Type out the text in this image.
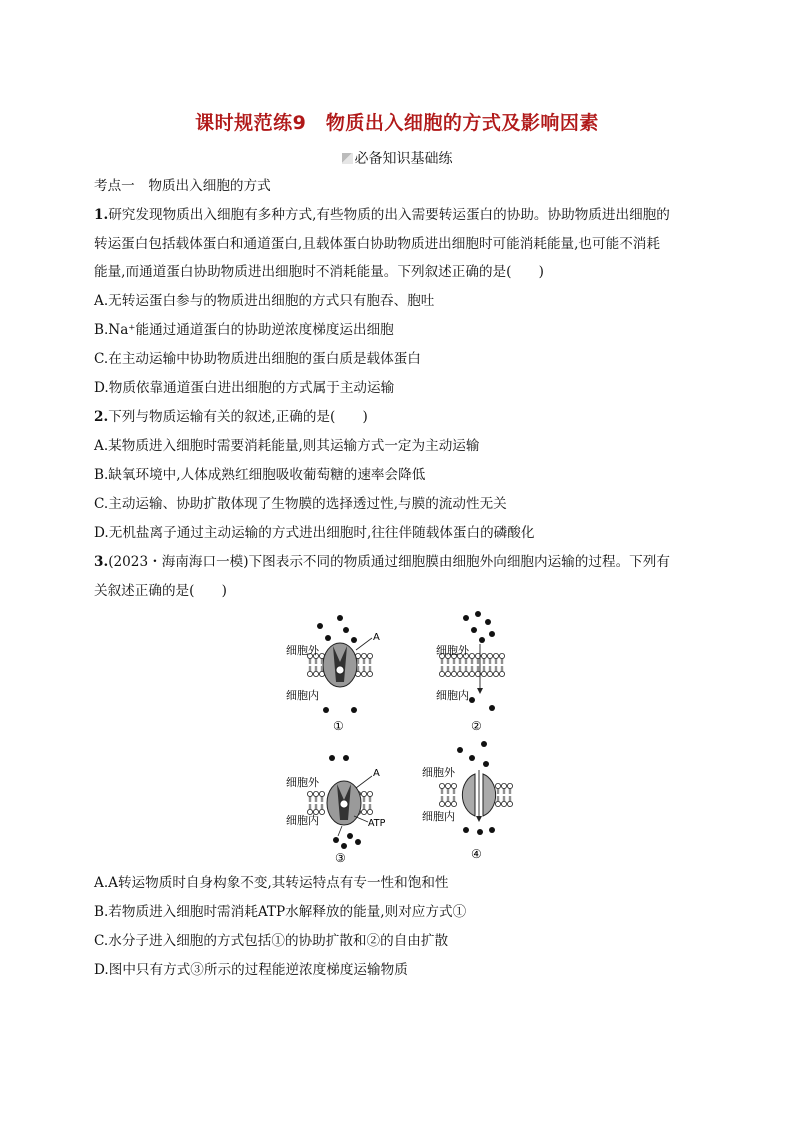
课时规范练9　物质出入细胞的方式及影响因素
必备知识基础练
考点一　物质出入细胞的方式
1.研究发现物质出入细胞有多种方式,有些物质的出入需要转运蛋白的协助。协助物质进出细胞的
转运蛋白包括载体蛋白和通道蛋白,且载体蛋白协助物质进出细胞时可能消耗能量,也可能不消耗
能量,而通道蛋白协助物质进出细胞时不消耗能量。下列叙述正确的是(　　)
A.无转运蛋白参与的物质进出细胞的方式只有胞吞、胞吐
B.Na⁺能通过通道蛋白的协助逆浓度梯度运出细胞
C.在主动运输中协助物质进出细胞的蛋白质是载体蛋白
D.物质依靠通道蛋白进出细胞的方式属于主动运输
2.下列与物质运输有关的叙述,正确的是(　　)
A.某物质进入细胞时需要消耗能量,则其运输方式一定为主动运输
B.缺氧环境中,人体成熟红细胞吸收葡萄糖的速率会降低
C.主动运输、协助扩散体现了生物膜的选择透过性,与膜的流动性无关
D.无机盐离子通过主动运输的方式进出细胞时,往往伴随载体蛋白的磷酸化
3.(2023・海南海口一模)下图表示不同的物质通过细胞膜由细胞外向细胞内运输的过程。下列有
关叙述正确的是(　　)
A
细胞外
细胞内
①
细胞外
细胞内
②
A
ATP
细胞外
细胞内
③
细胞外
细胞内
④
A.A转运物质时自身构象不变,其转运特点有专一性和饱和性
B.若物质进入细胞时需消耗ATP水解释放的能量,则对应方式①
C.水分子进入细胞的方式包括①的协助扩散和②的自由扩散
D.图中只有方式③所示的过程能逆浓度梯度运输物质
